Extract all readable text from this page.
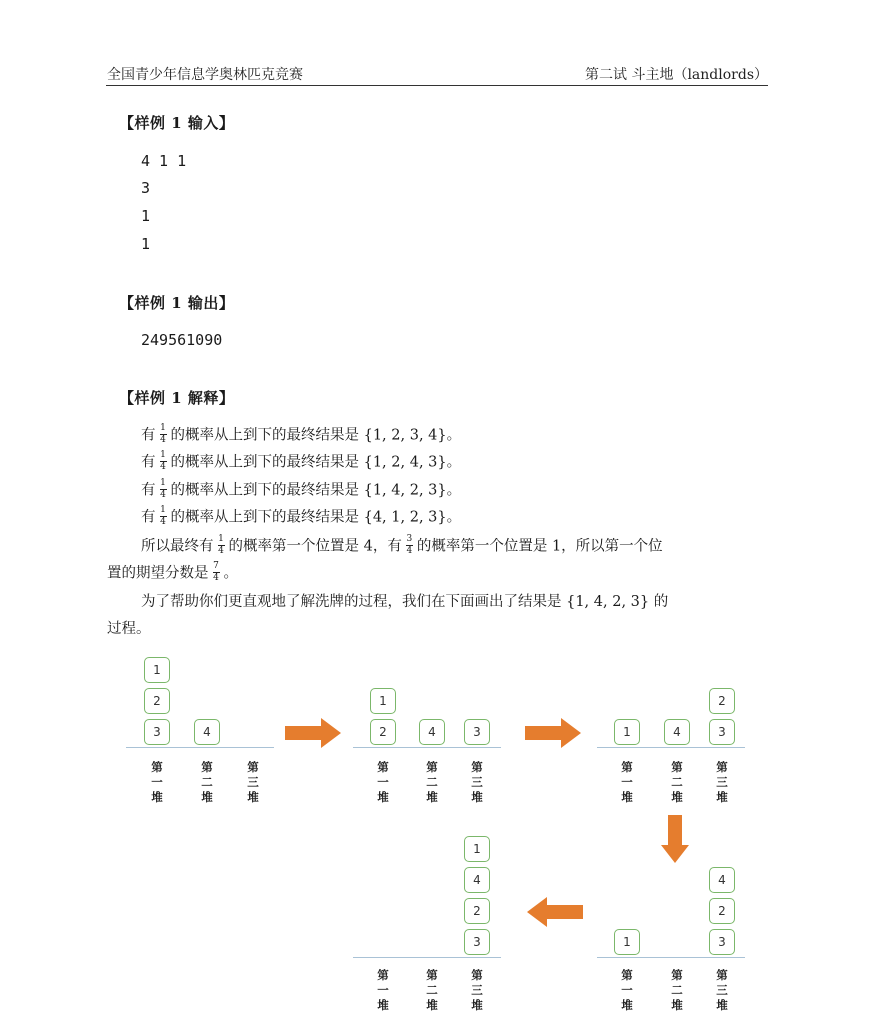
全国青少年信息学奥林匹克竞赛	第二试 斗主地（landlords）
【样例 1 输入】
4 1 1
3
1
1
【样例 1 输出】
249561090
【样例 1 解释】
有 $\frac{1}{4}$ 的概率从上到下的最终结果是 {1, 2, 3, 4}。
有 $\frac{1}{4}$ 的概率从上到下的最终结果是 {1, 2, 4, 3}。
有 $\frac{1}{4}$ 的概率从上到下的最终结果是 {1, 4, 2, 3}。
有 $\frac{1}{4}$ 的概率从上到下的最终结果是 {4, 1, 2, 3}。
所以最终有 $\frac{1}{4}$ 的概率第一个位置是 4，有 $\frac{3}{4}$ 的概率第一个位置是 1，所以第一个位
置的期望分数是 $\frac{7}{4}$ 。
为了帮助你们更直观地了解洗牌的过程，我们在下面画出了结果是 {1, 4, 2, 3} 的
过程。
1
2
3
第
一
堆
4
第
二
堆
第
三
堆
1
2
第
一
堆
4
第
二
堆
3
第
三
堆
1
第
一
堆
4
第
二
堆
2
3
第
三
堆
1
第
一
堆
第
二
堆
4
2
3
第
三
堆
第
一
堆
第
二
堆
1
4
2
3
第
三
堆
